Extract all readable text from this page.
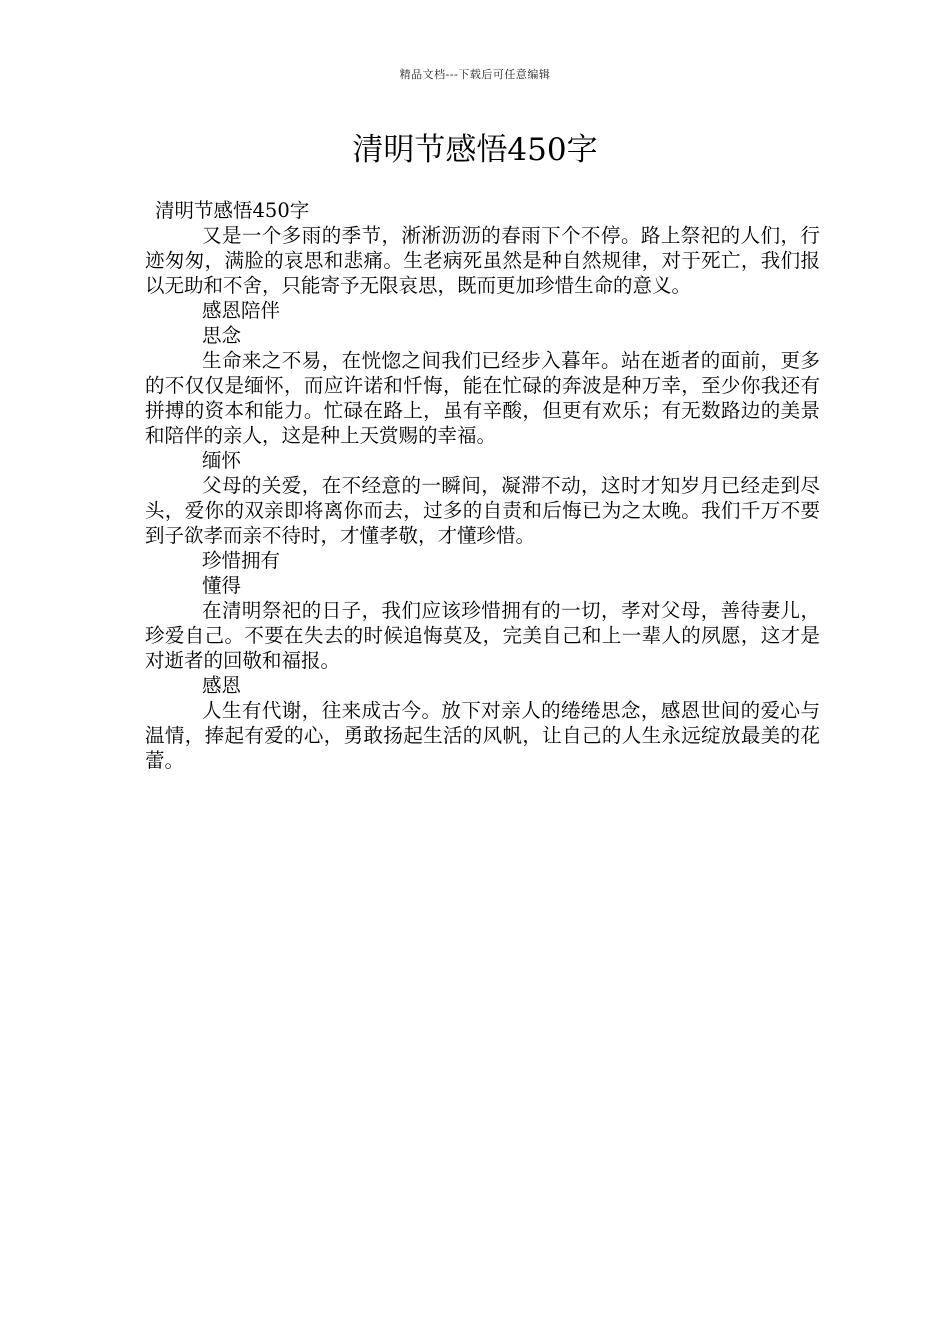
精品文档---下载后可任意编辑
清明节感悟450字

清明节感悟450字

又是一个多雨的季节，淅淅沥沥的春雨下个不停。路上祭祀的人们，行迹匆匆，满脸的哀思和悲痛。生老病死虽然是种自然规律，对于死亡，我们报以无助和不舍，只能寄予无限哀思，既而更加珍惜生命的意义。

感恩陪伴

思念

生命来之不易，在恍惚之间我们已经步入暮年。站在逝者的面前，更多的不仅仅是缅怀，而应许诺和忏悔，能在忙碌的奔波是种万幸，至少你我还有拼搏的资本和能力。忙碌在路上，虽有辛酸，但更有欢乐；有无数路边的美景和陪伴的亲人，这是种上天赏赐的幸福。

缅怀

父母的关爱，在不经意的一瞬间，凝滞不动，这时才知岁月已经走到尽头，爱你的双亲即将离你而去，过多的自责和后悔已为之太晚。我们千万不要到子欲孝而亲不待时，才懂孝敬，才懂珍惜。

珍惜拥有

懂得

在清明祭祀的日子，我们应该珍惜拥有的一切，孝对父母，善待妻儿，珍爱自己。不要在失去的时候追悔莫及，完美自己和上一辈人的夙愿，这才是对逝者的回敬和福报。

感恩

人生有代谢，往来成古今。放下对亲人的绻绻思念，感恩世间的爱心与温情，捧起有爱的心，勇敢扬起生活的风帆，让自己的人生永远绽放最美的花蕾。
